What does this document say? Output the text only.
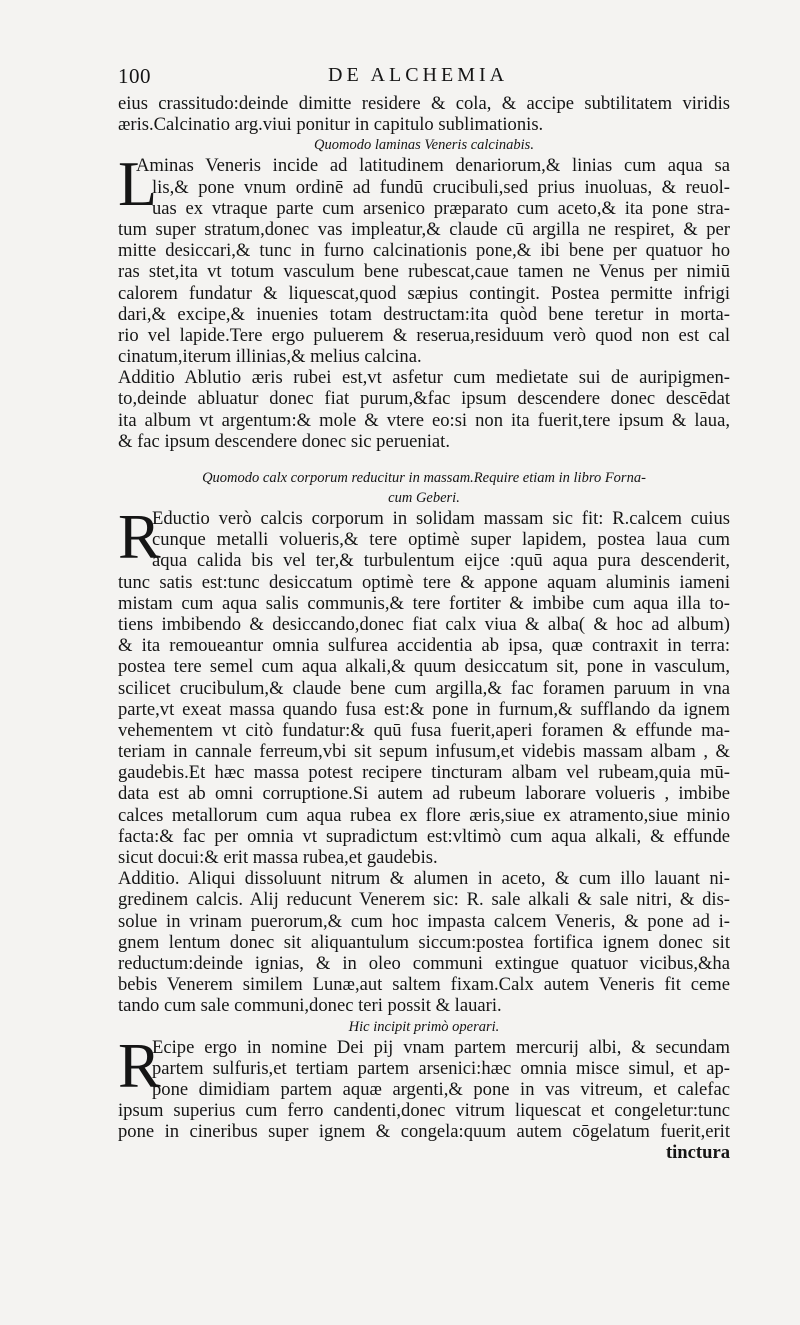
100	DE ALCHEMIA
eius crassitudo:deinde dimitte residere & cola, & accipe subtilitatem viridis
æris.Calcinatio arg.viui ponitur in capitulo sublimationis.
Quomodo laminas Veneris calcinabis.
L
Aminas Veneris incide ad latitudinem denariorum,& linias cum aqua sa
lis,& pone vnum ordinē ad fundū crucibuli,sed prius inuoluas, & reuol-
uas ex vtraque parte cum arsenico præparato cum aceto,& ita pone stra-
tum super stratum,donec vas impleatur,& claude cū argilla ne respiret, & per
mitte desiccari,& tunc in furno calcinationis pone,& ibi bene per quatuor ho
ras stet,ita vt totum vasculum bene rubescat,caue tamen ne Venus per nimiū
calorem fundatur & liquescat,quod sæpius contingit. Postea permitte infrigi
dari,& excipe,& inuenies totam destructam:ita quòd bene teretur in morta-
rio vel lapide.Tere ergo puluerem & reserua,residuum verò quod non est cal
cinatum,iterum illinias,& melius calcina.
Additio Ablutio æris rubei est,vt asfetur cum medietate sui de auripigmen-
to,deinde abluatur donec fiat purum,&fac ipsum descendere donec descēdat
ita album vt argentum:& mole & vtere eo:si non ita fuerit,tere ipsum & laua,
& fac ipsum descendere donec sic perueniat.
Quomodo calx corporum reducitur in massam.Require etiam in libro Forna-
cum Geberi.
R
Eductio verò calcis corporum in solidam massam sic fit: R.calcem cuius
cunque metalli volueris,& tere optimè super lapidem, postea laua cum
aqua calida bis vel ter,& turbulentum eijce :quū aqua pura descenderit,
tunc satis est:tunc desiccatum optimè tere & appone aquam aluminis iameni
mistam cum aqua salis communis,& tere fortiter & imbibe cum aqua illa to-
tiens imbibendo & desiccando,donec fiat calx viua & alba( & hoc ad album)
& ita remoueantur omnia sulfurea accidentia ab ipsa, quæ contraxit in terra:
postea tere semel cum aqua alkali,& quum desiccatum sit, pone in vasculum,
scilicet crucibulum,& claude bene cum argilla,& fac foramen paruum in vna
parte,vt exeat massa quando fusa est:& pone in furnum,& sufflando da ignem
vehementem vt citò fundatur:& quū fusa fuerit,aperi foramen & effunde ma-
teriam in cannale ferreum,vbi sit sepum infusum,et videbis massam albam , &
gaudebis.Et hæc massa potest recipere tincturam albam vel rubeam,quia mū-
data est ab omni corruptione.Si autem ad rubeum laborare volueris , imbibe
calces metallorum cum aqua rubea ex flore æris,siue ex atramento,siue minio
facta:& fac per omnia vt supradictum est:vltimò cum aqua alkali, & effunde
sicut docui:& erit massa rubea,et gaudebis.
Additio. Aliqui dissoluunt nitrum & alumen in aceto, & cum illo lauant ni-
gredinem calcis. Alij reducunt Venerem sic: R. sale alkali & sale nitri, & dis-
solue in vrinam puerorum,& cum hoc impasta calcem Veneris, & pone ad i-
gnem lentum donec sit aliquantulum siccum:postea fortifica ignem donec sit
reductum:deinde ignias, & in oleo communi extingue quatuor vicibus,&ha
bebis Venerem similem Lunæ,aut saltem fixam.Calx autem Veneris fit ceme
tando cum sale communi,donec teri possit & lauari.
Hic incipit primò operari.
R
Ecipe ergo in nomine Dei pij vnam partem mercurij albi, & secundam
partem sulfuris,et tertiam partem arsenici:hæc omnia misce simul, et ap-
pone dimidiam partem aquæ argenti,& pone in vas vitreum, et calefac
ipsum superius cum ferro candenti,donec vitrum liquescat et congeletur:tunc
pone in cineribus super ignem & congela:quum autem cōgelatum fuerit,erit
tinctura
